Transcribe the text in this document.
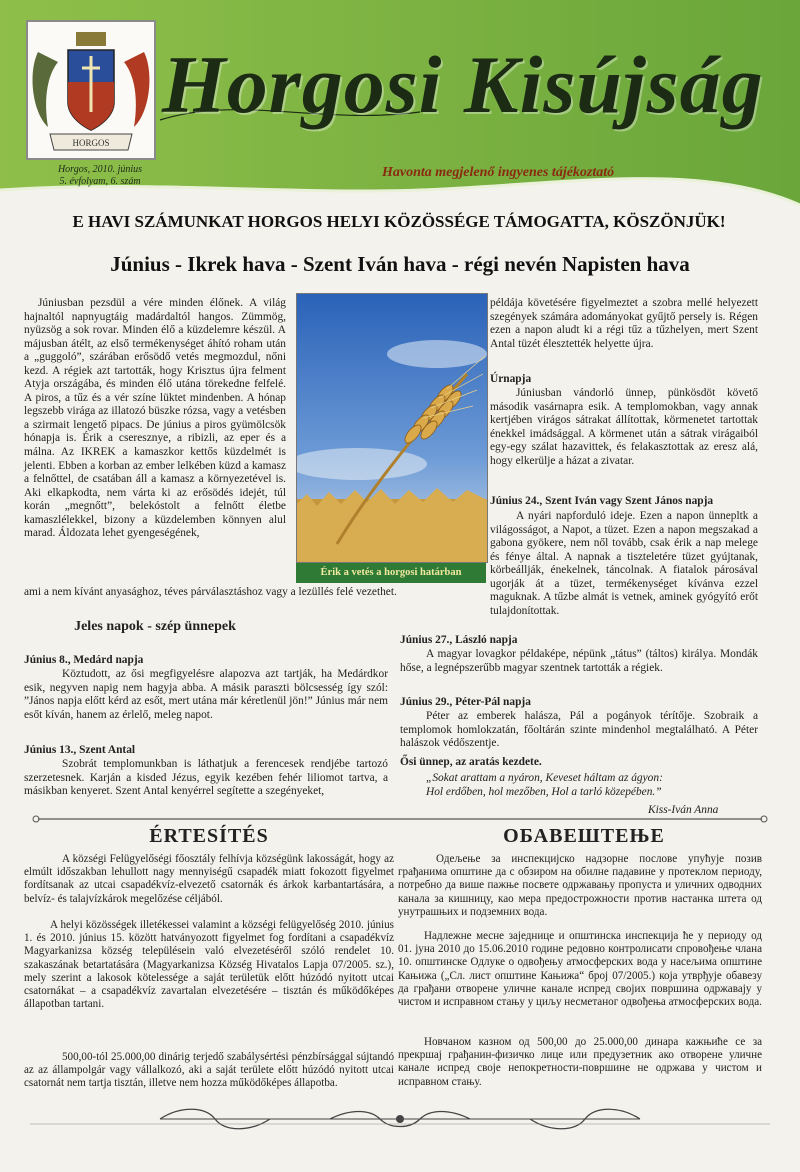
HORGOS
Horgos, 2010. június
5. évfolyam, 6. szám
Horgosi Kisújság
Havonta megjelenő ingyenes tájékoztató
E HAVI SZÁMUNKAT HORGOS HELYI KÖZÖSSÉGE TÁMOGATTA, KÖSZÖNJÜK!
Június - Ikrek hava - Szent Iván hava - régi nevén Napisten hava
Júniusban pezsdül a vére minden élőnek. A világ hajnaltól napnyugtáig madárdaltól hangos. Zümmög, nyüzsög a sok rovar. Minden élő a küzdelemre készül. A májusban átélt, az első termékenységet áhító roham után a „guggoló”, szárában erősödő vetés megmozdul, nőni kezd. A régiek azt tartották, hogy Krisztus újra felment Atyja országába, és minden élő utána törekedne felfelé. A piros, a tűz és a vér színe lüktet mindenben. A hónap legszebb virága az illatozó büszke rózsa, vagy a vetésben a szirmait lengető pipacs. De június a piros gyümölcsök hónapja is. Érik a cseresznye, a ribizli, az eper és a málna. Az IKREK a kamaszkor kettős küzdelmét is jelenti. Ebben a korban az ember lelkében küzd a kamasz a felnőttel, de csatában áll a kamasz a környezetével is. Aki elkapkodta, nem várta ki az erősödés idejét, túl korán „megnőtt”, belekóstolt a felnőtt életbe kamaszlélekkel, bizony a küzdelemben könnyen alul marad. Áldozata lehet gyengeségének,
Érik a vetés a horgosi határban
ami a nem kívánt anyasághoz, téves párválasztáshoz vagy a lezüllés felé vezethet.
Jeles napok - szép ünnepek
Június 8., Medárd napja
Köztudott, az ősi megfigyelésre alapozva azt tartják, ha Medárdkor esik, negyven napig nem hagyja abba. A másik paraszti bölcsesség így szól: ”János napja előtt kérd az esőt, mert utána már kéretlenül jön!” Június már nem esőt kíván, hanem az érlelő, meleg napot.
Június 13., Szent Antal
Szobrát templomunkban is láthatjuk a ferencesek rendjébe tartozó szerzetesnek. Karján a kisded Jézus, egyik kezében fehér liliomot tartva, a másikban kenyeret. Szent Antal kenyérrel segítette a szegényeket,
példája követésére figyelmeztet a szobra mellé helyezett szegények számára adományokat gyűjtő persely is. Régen ezen a napon aludt ki a régi tűz a tűzhelyen, mert Szent Antal tüzét élesztették helyette újra.
Úrnapja
Júniusban vándorló ünnep, pünkösdöt követő második vasárnapra esik. A templomokban, vagy annak kertjében virágos sátrakat állítottak, körmenetet tartottak énekkel imádsággal. A körmenet után a sátrak virágaiból egy-egy szálat hazavittek, és felakasztottak az eresz alá, hogy elkerülje a házat a zivatar.
Június 24., Szent Iván vagy Szent János napja
A nyári napforduló ideje. Ezen a napon ünnepltk a világosságot, a Napot, a tüzet. Ezen a napon megszakad a gabona gyökere, nem nől tovább, csak érik a nap melege és fénye által. A napnak a tiszteletére tüzet gyújtanak, körbeállják, énekelnek, táncolnak. A fiatalok párosával ugorják át a tüzet, termékenységet kívánva ezzel maguknak. A tűzbe almát is vetnek, aminek gyógyító erőt tulajdonítottak.
Június 27., László napja
A magyar lovagkor példaképe, népünk „tátus” (táltos) királya. Mondák hőse, a legnépszerűbb magyar szentnek tartották a régiek.
Június 29., Péter-Pál napja
Péter az emberek halásza, Pál a pogányok térítője. Szobraik a templomok homlokzatán, főoltárán szinte mindenhol megtalálható. A Péter halászok védőszentje.
Ősi ünnep, az aratás kezdete.
„Sokat arattam a nyáron, Keveset háltam az ágyon:
Hol erdőben, hol mezőben, Hol a tarló közepében.”
Kiss-Iván Anna
ÉRTESÍTÉS	ОБАВЕШТЕЊЕ
A községi Felügyelőségi főosztály felhívja községünk lakosságát, hogy az elmúlt időszakban lehullott nagy mennyiségű csapadék miatt fokozott figyelmet fordítsanak az utcai csapadékvíz-elvezető csatornák és árkok karbantartására, a belvíz- és talajvízkárok megelőzése céljából.
A helyi közösségek illetékessei valamint a községi felügyelőség 2010. június 1. és 2010. június 15. között hatványozott figyelmet fog fordítani a csapadékvíz Magyarkanizsa község településein való elvezetéséről szóló rendelet 10. szakaszának betartatására (Magyarkanizsa Község Hivatalos Lapja 07/2005. sz.), mely szerint a lakosok kötelessége a saját területük előtt húzódó nyitott utcai csatornákat – a csapadékvíz zavartalan elvezetésére – tisztán és működőképes állapotban tartani.
500,00-tól 25.000,00 dinárig terjedő szabálysértési pénzbírsággal sújtandó az az állampolgár vagy vállalkozó, aki a saját területe előtt húzódó nyitott utcai csatornát nem tartja tisztán, illetve nem hozza működőképes állapotba.
Одељење за инспекцијско надзорне послове упућује позив грађанима општине да с обзиром на обилне падавине у протеклом периоду, потребно да више пажње посвете одржавању пропуста и уличних одводних канала за кишницу, као мера предострожности против настанка штета од унутрашњих и подземних вода.
Надлежне месне заједнице и општинска инспекција ће у периоду од 01. јуна 2010 до 15.06.2010 године редовно контролисати спровођење члана 10. општинске Одлуке о одвођењу атмосферских вода у насељима општине Кањижа („Сл. лист општине Кањижа“ број 07/2005.) која утврђује обавезу да грађани отворене уличне канале испред својих површина одржавају у чистом и исправном стању у циљу несметаног одвођења атмосферских вода.
Новчаном казном од 500,00 до 25.000,00 динара кажњиће се за прекршај грађанин-физичко лице или предузетник ако отворене уличне канале испред своје непокретности-површине не одржава у чистом и исправном стању.
